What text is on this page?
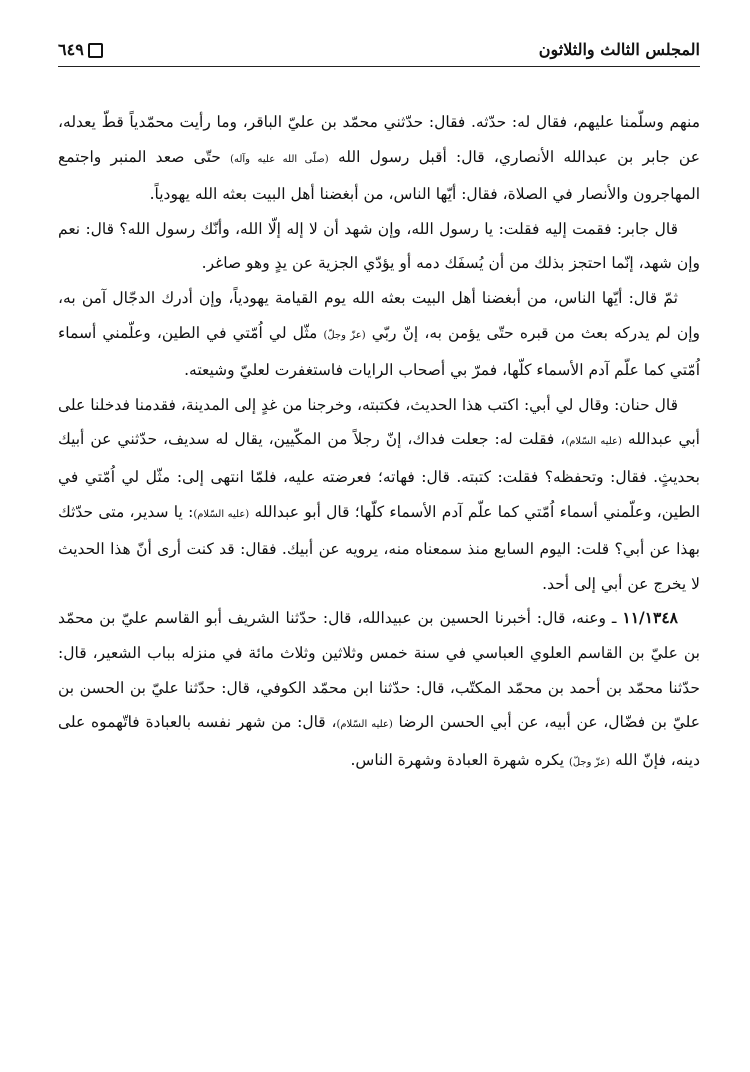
المجلس الثالث والثلاثون
٦٤٩

منهم وسلّمنا عليهم، فقال له: حدّثه. فقال: حدّثني محمّد بن عليّ الباقر، وما رأيت محمّدياً قطّ يعدله، عن جابر بن عبدالله الأنصاري، قال: أقبل رسول الله (صلّى الله عليه وآله) حتّى صعد المنبر واجتمع المهاجرون والأنصار في الصلاة، فقال: أيّها الناس، من أبغضنا أهل البيت بعثه الله يهودياً.

قال جابر: فقمت إليه فقلت: يا رسول الله، وإن شهد أن لا إله إلّا الله، وأنّك رسول الله؟ قال: نعم وإن شهد، إنّما احتجز بذلك من أن يُسفَك دمه أو يؤدّي الجزية عن يدٍ وهو صاغر.

ثمّ قال: أيّها الناس، من أبغضنا أهل البيت بعثه الله يوم القيامة يهودياً، وإن أدرك الدجّال آمن به، وإن لم يدركه بعث من قبره حتّى يؤمن به، إنّ ربّي (عزّ وجلّ) مثّل لي اُمّتي في الطين، وعلّمني أسماء اُمّتي كما علّم آدم الأسماء كلّها، فمرّ بي أصحاب الرايات فاستغفرت لعليّ وشيعته.

قال حنان: وقال لي أبي: اكتب هذا الحديث، فكتبته، وخرجنا من غدٍ إلى المدينة، فقدمنا فدخلنا على أبي عبدالله (عليه السّلام)، فقلت له: جعلت فداك، إنّ رجلاً من المكّيين، يقال له سديف، حدّثني عن أبيك بحديثٍ. فقال: وتحفظه؟ فقلت: كتبته. قال: فهاته؛ فعرضته عليه، فلمّا انتهى إلى: مثّل لي اُمّتي في الطين، وعلّمني أسماء اُمّتي كما علّم آدم الأسماء كلّها؛ قال أبو عبدالله (عليه السّلام): يا سدير، متى حدّثك بهذا عن أبي؟ قلت: اليوم السابع منذ سمعناه منه، يرويه عن أبيك. فقال: قد كنت أرى أنّ هذا الحديث لا يخرج عن أبي إلى أحد.

١١/١٣٤٨ ـ وعنه، قال: أخبرنا الحسين بن عبيدالله، قال: حدّثنا الشريف أبو القاسم عليّ بن محمّد بن عليّ بن القاسم العلوي العباسي في سنة خمس وثلاثين وثلاث مائة في منزله بباب الشعير، قال: حدّثنا محمّد بن أحمد بن محمّد المكتّب، قال: حدّثنا ابن محمّد الكوفي، قال: حدّثنا عليّ بن الحسن بن عليّ بن فضّال، عن أبيه، عن أبي الحسن الرضا (عليه السّلام)، قال: من شهر نفسه بالعبادة فاتّهموه على دينه، فإنّ الله (عزّ وجلّ) يكره شهرة العبادة وشهرة الناس.
